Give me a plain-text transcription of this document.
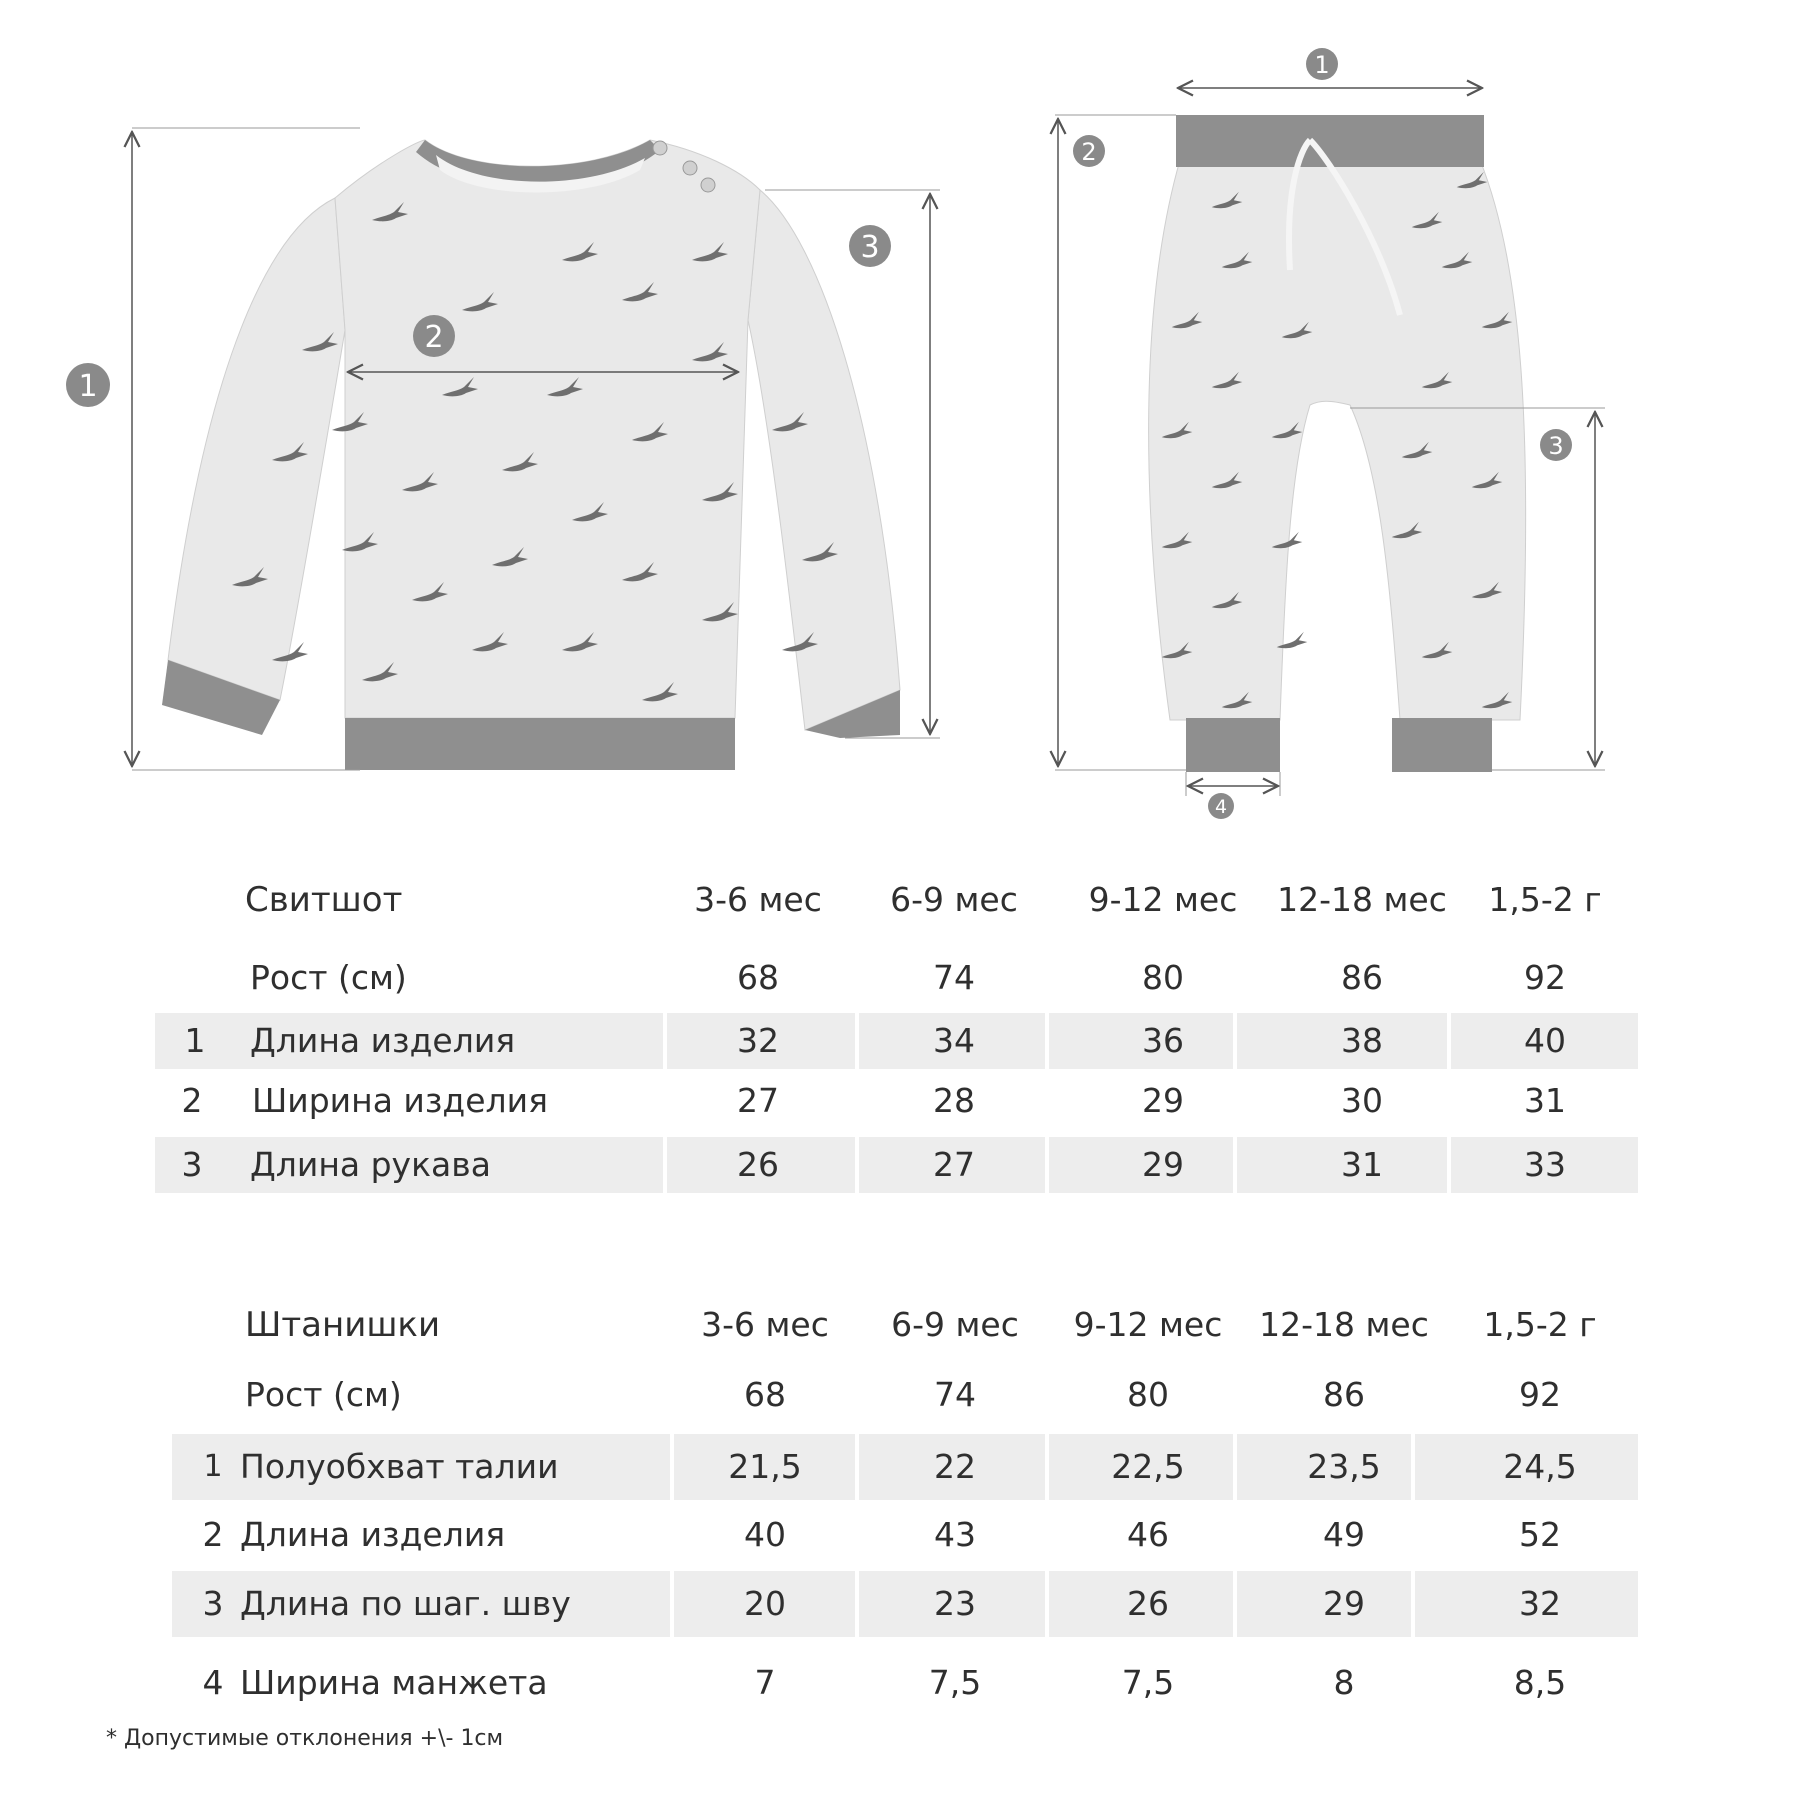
1
2
3
1
2
3
4
Свитшот	3-6 мес	6-9 мес	9-12 мес	12-18 мес	1,5-2 г
Рост (см)	68	74	80	86	92
1 Длина изделия	32	34	36	38	40
2 Ширина изделия	27	28	29	30	31
3 Длина рукава	26	27	29	31	33
Штанишки	3-6 мес	6-9 мес	9-12 мес	12-18 мес	1,5-2 г
Рост (см)	68	74	80	86	92
1 Полуобхват талии	21,5	22	22,5	23,5	24,5
2 Длина изделия	40	43	46	49	52
3 Длина по шаг. шву	20	23	26	29	32
4 Ширина манжета	7	7,5	7,5	8	8,5
* Допустимые отклонения +\- 1см
